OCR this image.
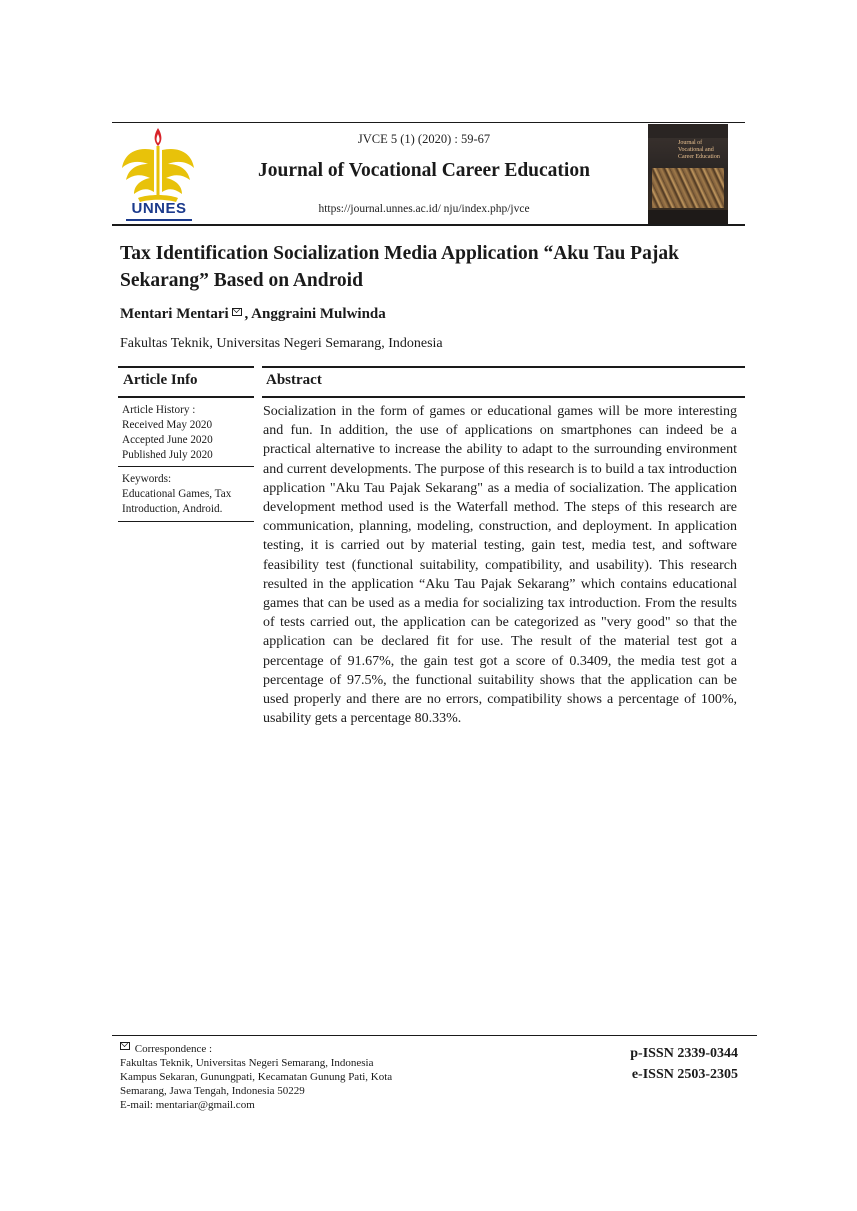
UNNES
JVCE 5 (1) (2020) : 59-67
Journal of Vocational Career Education
https://journal.unnes.ac.id/ nju/index.php/jvce
Journal of Vocational and Career Education
Tax Identification Socialization Media Application “Aku Tau Pajak Sekarang” Based on Android
Mentari Mentari , Anggraini Mulwinda
Fakultas Teknik, Universitas Negeri Semarang, Indonesia
Article Info	Abstract
Article History :
Received May 2020
Accepted June 2020
Published July 2020
Keywords:
Educational Games, Tax
Introduction, Android.
Socialization in the form of games or educational games will be more interesting and fun. In addition, the use of applications on smartphones can indeed be a practical alternative to increase the ability to adapt to the surrounding environment and current developments. The purpose of this research is to build a tax introduction application "Aku Tau Pajak Sekarang" as a media of socialization. The application development method used is the Waterfall method. The steps of this research are communication, planning, modeling, construction, and deployment. In application testing, it is carried out by material testing, gain test, media test, and software feasibility test (functional suitability, compatibility, and usability). This research resulted in the application “Aku Tau Pajak Sekarang” which contains educational games that can be used as a media for socializing tax introduction. From the results of tests carried out, the application can be categorized as "very good" so that the application can be declared fit for use. The result of the material test got a percentage of 91.67%, the gain test got a score of 0.3409, the media test got a percentage of 97.5%, the functional suitability shows that the application can be used properly and there are no errors, compatibility shows a percentage of 100%, usability gets a percentage 80.33%.
Correspondence :
Fakultas Teknik, Universitas Negeri Semarang, Indonesia
Kampus Sekaran, Gunungpati, Kecamatan Gunung Pati, Kota
Semarang, Jawa Tengah, Indonesia 50229
E-mail: mentariar@gmail.com
p-ISSN 2339-0344
e-ISSN 2503-2305
